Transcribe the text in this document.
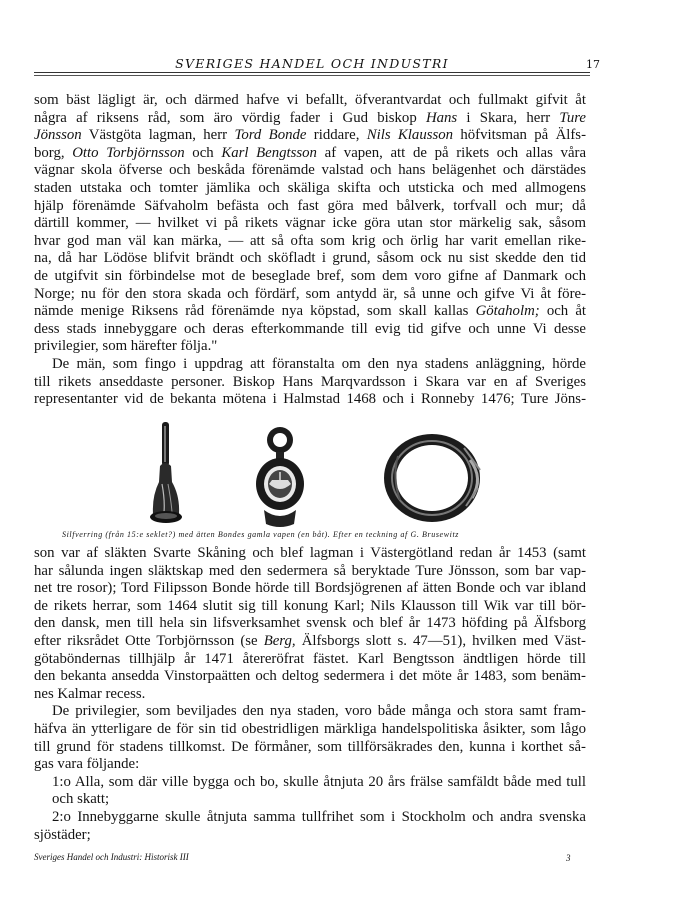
SVERIGES HANDEL OCH INDUSTRI	17

som bäst lägligt är, och därmed hafve vi befallt, öfverantvardat och fullmakt gifvit åt
några af riksens råd, som äro vördig fader i Gud biskop Hans i Skara, herr Ture
Jönsson Västgöta lagman, herr Tord Bonde riddare, Nils Klausson höfvitsman på Älfs-
borg, Otto Torbjörnsson och Karl Bengtsson af vapen, att de på rikets och allas våra
vägnar skola öfverse och beskåda förenämde valstad och hans belägenhet och därstädes
staden utstaka och tomter jämlika och skäliga skifta och utsticka och med allmogens
hjälp förenämde Säfvaholm befästa och fast göra med bålverk, torfvall och mur; då
därtill kommer, — hvilket vi på rikets vägnar icke göra utan stor märkelig sak, såsom
hvar god man väl kan märka, — att så ofta som krig och örlig har varit emellan rike-
na, då har Lödöse blifvit brändt och sköfladt i grund, såsom ock nu sist skedde den tid
de utgifvit sin förbindelse mot de beseglade bref, som dem voro gifne af Danmark och
Norge; nu för den stora skada och fördärf, som antydd är, så unne och gifve Vi åt före-
nämde menige Riksens råd förenämde nya köpstad, som skall kallas Götaholm; och åt
dess stads innebyggare och deras efterkommande till evig tid gifve och unne Vi desse
privilegier, som härefter följa."

De män, som fingo i uppdrag att föranstalta om den nya stadens anläggning, hörde
till rikets anseddaste personer. Biskop Hans Marqvardsson i Skara var en af Sveriges
representanter vid de bekanta mötena i Halmstad 1468 och i Ronneby 1476; Ture Jöns-

Silfverring (från 15:e seklet?) med ätten Bondes gamla vapen (en båt). Efter en teckning af G. Brusewitz

son var af släkten Svarte Skåning och blef lagman i Västergötland redan år 1453 (samt
har sålunda ingen släktskap med den sedermera så beryktade Ture Jönsson, som bar vap-
net tre rosor); Tord Filipsson Bonde hörde till Bordsjögrenen af ätten Bonde och var ibland
de rikets herrar, som 1464 slutit sig till konung Karl; Nils Klausson till Wik var till bör-
den dansk, men till hela sin lifsverksamhet svensk och blef år 1473 höfding på Älfsborg
efter riksrådet Otte Torbjörnsson (se Berg, Älfsborgs slott s. 47—51), hvilken med Väst-
götaböndernas tillhjälp år 1471 återeröfrat fästet. Karl Bengtsson ändtligen hörde till
den bekanta ansedda Vinstorpaätten och deltog sedermera i det möte år 1483, som benäm-
nes Kalmar recess.

De privilegier, som beviljades den nya staden, voro både många och stora samt fram-
häfva än ytterligare de för sin tid obestridligen märkliga handelspolitiska åsikter, som lågo
till grund för stadens tillkomst. De förmåner, som tillförsäkrades den, kunna i korthet så-
gas vara följande:

1:o Alla, som där ville bygga och bo, skulle åtnjuta 20 års frälse samfäldt både med tull
och skatt;

2:o Innebyggarne skulle åtnjuta samma tullfrihet som i Stockholm och andra svenska
sjöstäder;

Sveriges Handel och Industri: Historisk III	3
